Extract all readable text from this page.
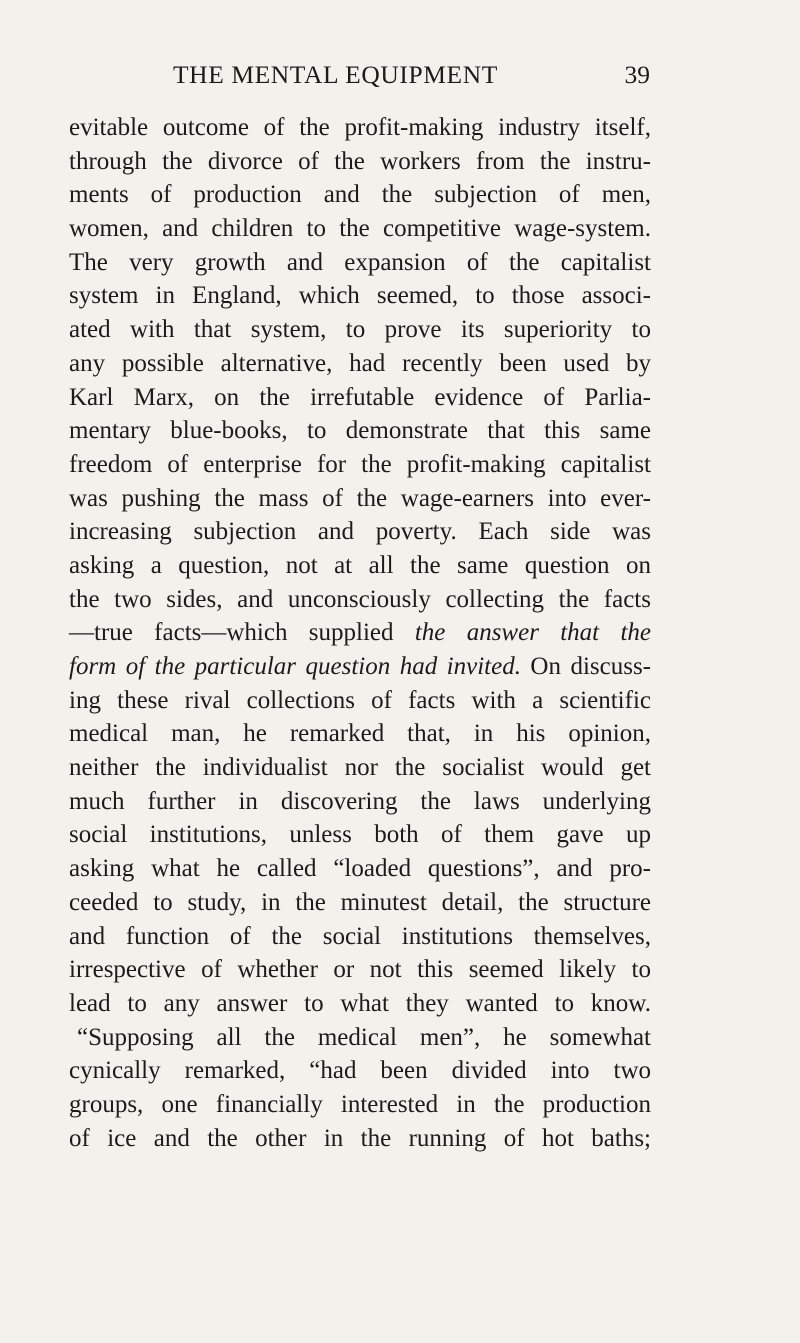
THE MENTAL EQUIPMENT	39
evitable outcome of the profit-making industry itself,
through the divorce of the workers from the instru-
ments of production and the subjection of men,
women, and children to the competitive wage-system.
The very growth and expansion of the capitalist
system in England, which seemed, to those associ-
ated with that system, to prove its superiority to
any possible alternative, had recently been used by
Karl Marx, on the irrefutable evidence of Parlia-
mentary blue-books, to demonstrate that this same
freedom of enterprise for the profit-making capitalist
was pushing the mass of the wage-earners into ever-
increasing subjection and poverty. Each side was
asking a question, not at all the same question on
the two sides, and unconsciously collecting the facts
—true facts—which supplied the answer that the
form of the particular question had invited. On discuss-
ing these rival collections of facts with a scientific
medical man, he remarked that, in his opinion,
neither the individualist nor the socialist would get
much further in discovering the laws underlying
social institutions, unless both of them gave up
asking what he called “loaded questions”, and pro-
ceeded to study, in the minutest detail, the structure
and function of the social institutions themselves,
irrespective of whether or not this seemed likely to
lead to any answer to what they wanted to know.
“Supposing all the medical men”, he somewhat
cynically remarked, “had been divided into two
groups, one financially interested in the production
of ice and the other in the running of hot baths;
